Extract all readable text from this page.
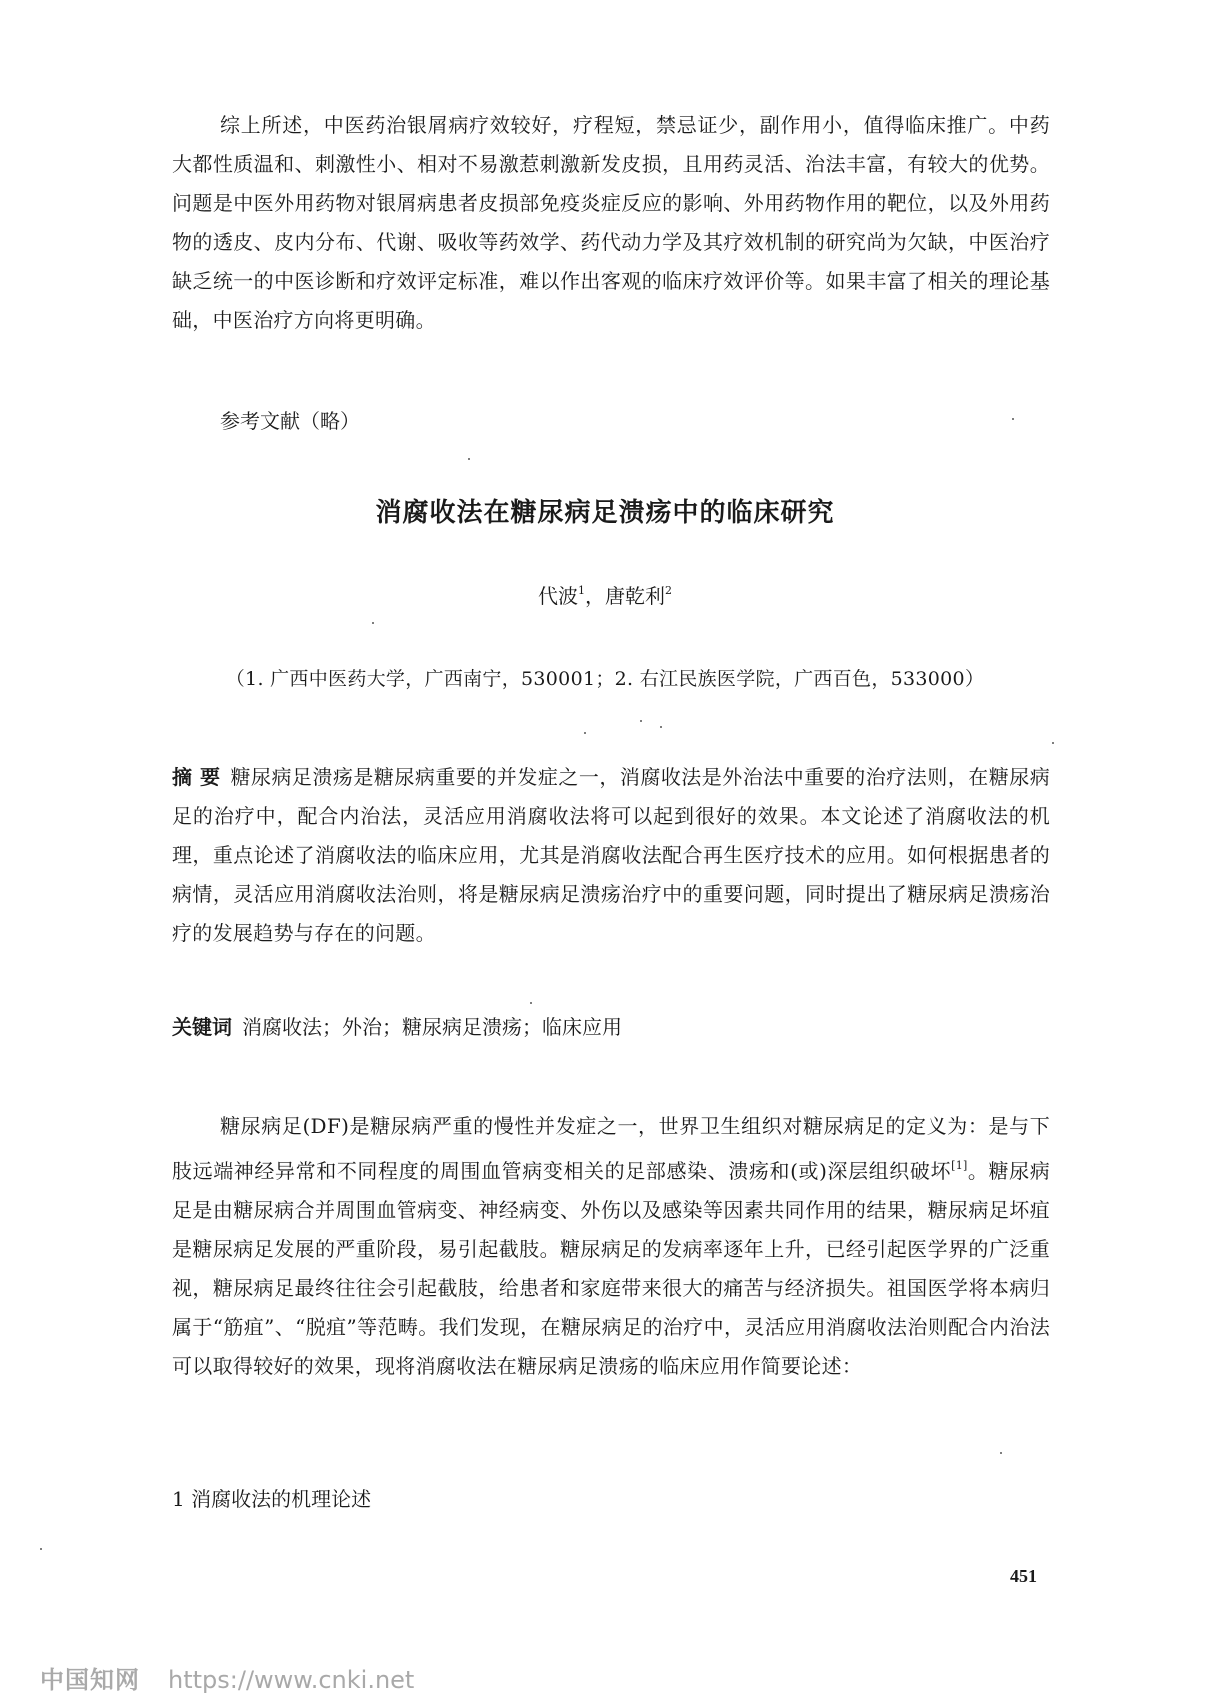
综上所述，中医药治银屑病疗效较好，疗程短，禁忌证少，副作用小，值得临床推广。中药大都性质温和、刺激性小、相对不易激惹刺激新发皮损，且用药灵活、治法丰富，有较大的优势。问题是中医外用药物对银屑病患者皮损部免疫炎症反应的影响、外用药物作用的靶位，以及外用药物的透皮、皮内分布、代谢、吸收等药效学、药代动力学及其疗效机制的研究尚为欠缺，中医治疗缺乏统一的中医诊断和疗效评定标准，难以作出客观的临床疗效评价等。如果丰富了相关的理论基础，中医治疗方向将更明确。
参考文献（略）
消腐收法在糖尿病足溃疡中的临床研究
代波$^1$，唐乾利$^2$
（1. 广西中医药大学，广西南宁，530001；2. 右江民族医学院，广西百色，533000）
摘 要 糖尿病足溃疡是糖尿病重要的并发症之一，消腐收法是外治法中重要的治疗法则，在糖尿病足的治疗中，配合内治法，灵活应用消腐收法将可以起到很好的效果。本文论述了消腐收法的机理，重点论述了消腐收法的临床应用，尤其是消腐收法配合再生医疗技术的应用。如何根据患者的病情，灵活应用消腐收法治则，将是糖尿病足溃疡治疗中的重要问题，同时提出了糖尿病足溃疡治疗的发展趋势与存在的问题。
关键词 消腐收法；外治；糖尿病足溃疡；临床应用
糖尿病足(DF)是糖尿病严重的慢性并发症之一，世界卫生组织对糖尿病足的定义为：是与下肢远端神经异常和不同程度的周围血管病变相关的足部感染、溃疡和(或)深层组织破坏[1]。糖尿病足是由糖尿病合并周围血管病变、神经病变、外伤以及感染等因素共同作用的结果，糖尿病足坏疽是糖尿病足发展的严重阶段，易引起截肢。糖尿病足的发病率逐年上升，已经引起医学界的广泛重视，糖尿病足最终往往会引起截肢，给患者和家庭带来很大的痛苦与经济损失。祖国医学将本病归属于“筋疽”、“脱疽”等范畴。我们发现，在糖尿病足的治疗中，灵活应用消腐收法治则配合内治法可以取得较好的效果，现将消腐收法在糖尿病足溃疡的临床应用作简要论述：
1 消腐收法的机理论述
451
中国知网 https://www.cnki.net
